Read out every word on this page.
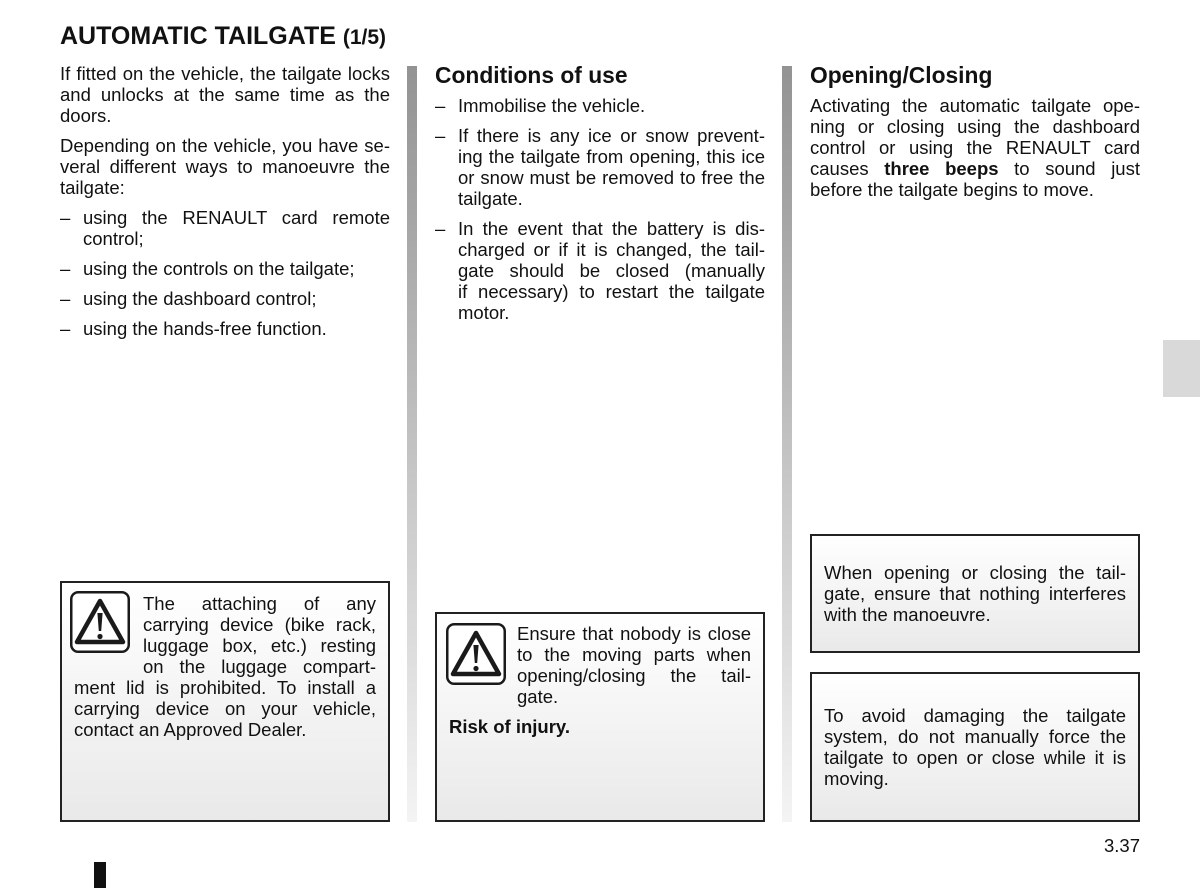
AUTOMATIC TAILGATE (1/5)
If fitted on the vehicle, the tailgate locks
and unlocks at the same time as the
doors.
Depending on the vehicle, you have se-
veral different ways to manoeuvre the
tailgate:
– using the RENAULT card remote
control;
– using the controls on the tailgate;
– using the dashboard control;
– using the hands-free function.
The attaching of any
carrying device (bike rack,
luggage box, etc.) resting
on the luggage compart-
ment lid is prohibited. To install a
carrying device on your vehicle,
contact an Approved Dealer.
Conditions of use
– Immobilise the vehicle.
– If there is any ice or snow prevent-
ing the tailgate from opening, this ice
or snow must be removed to free the
tailgate.
– In the event that the battery is dis-
charged or if it is changed, the tail-
gate should be closed (manually
if necessary) to restart the tailgate
motor.
Ensure that nobody is close
to the moving parts when
opening/closing the tail-
gate.
Risk of injury.
Opening/Closing
Activating the automatic tailgate ope-
ning or closing using the dashboard
control or using the RENAULT card
causes three beeps to sound just
before the tailgate begins to move.
When opening or closing the tail-
gate, ensure that nothing interferes
with the manoeuvre.
To avoid damaging the tailgate
system, do not manually force the
tailgate to open or close while it is
moving.
3.37
